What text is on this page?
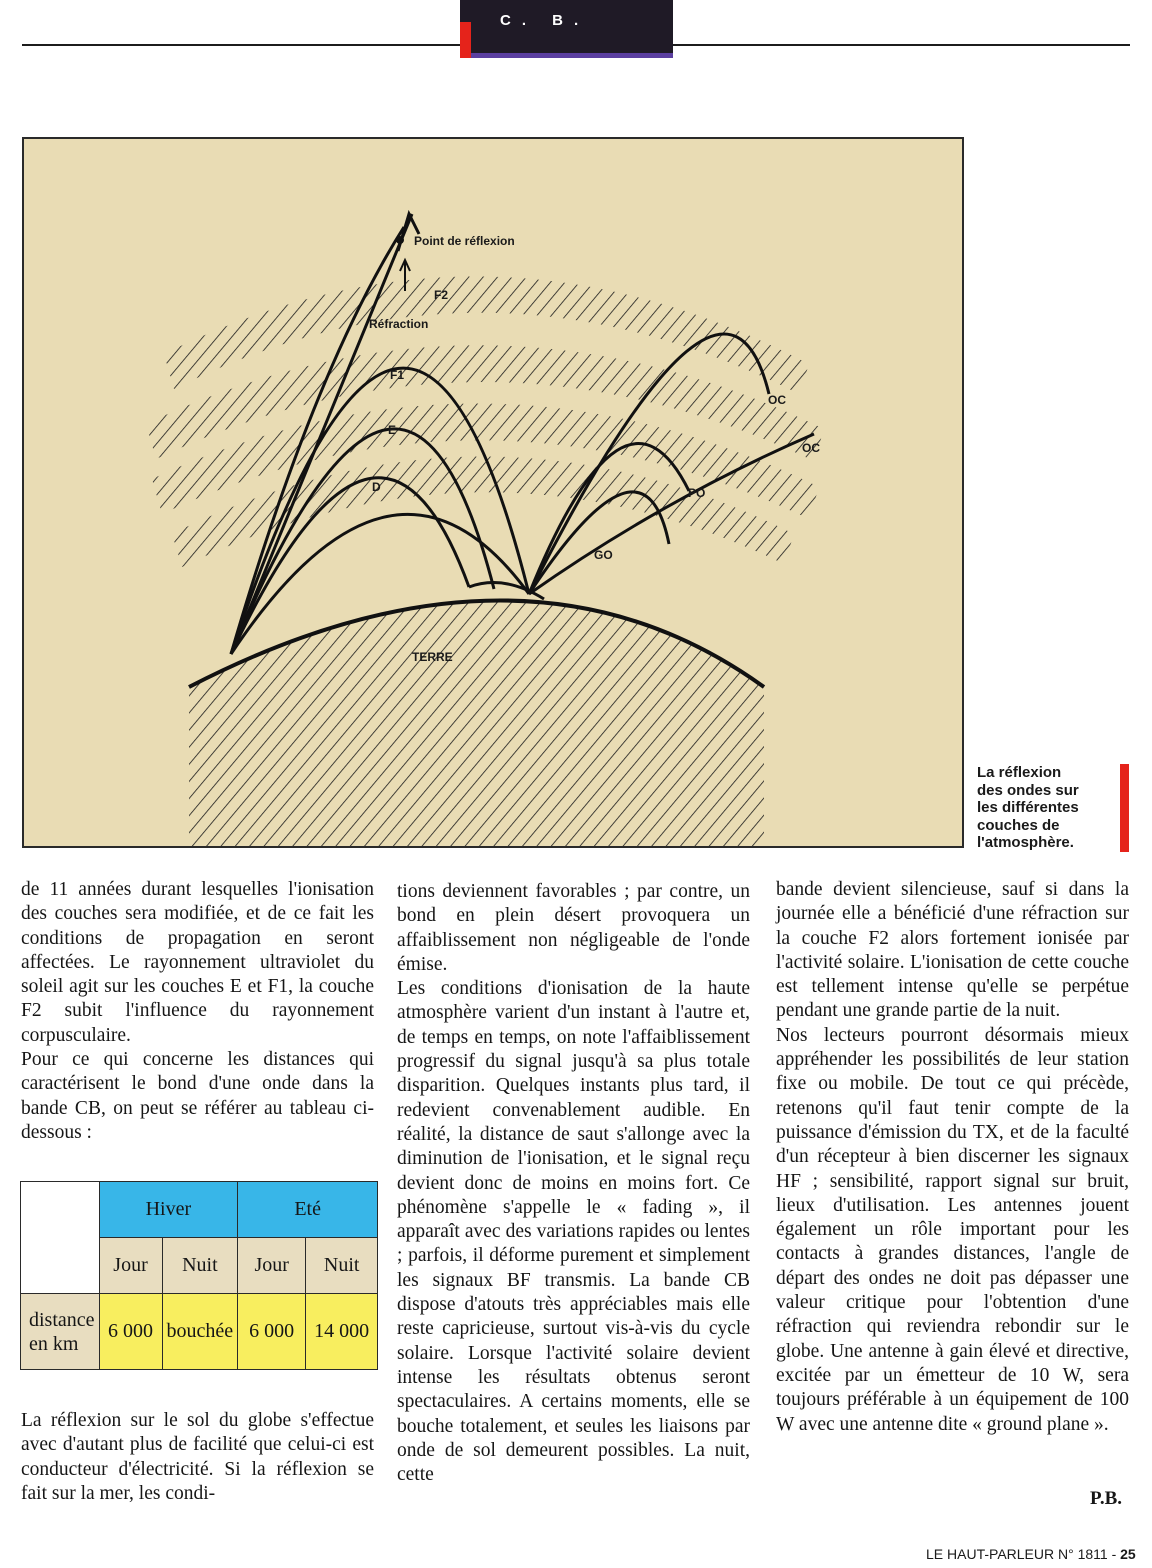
C. B.
Point de réflexion
Réfraction
F2
F1
E
D
OC
OC
PO
GO
TERRE
La réflexion
des ondes sur
les différentes
couches de
l'atmosphère.

de 11 années durant lesquelles l'ionisation des couches sera modifiée, et de ce fait les conditions de propagation en seront affectées. Le rayonnement ultraviolet du soleil agit sur les couches E et F1, la couche F2 subit l'influence du rayonnement corpusculaire.

Pour ce qui concerne les distances qui caractérisent le bond d'une onde dans la bande CB, on peut se référer au tableau ci-dessous :

	Hiver		Eté	
	Jour	Nuit	Jour	Nuit

distance
en km	6 000	bouchée	6 000	14 000

La réflexion sur le sol du globe s'effectue avec d'autant plus de facilité que celui-ci est conducteur d'électricité. Si la réflexion se fait sur la mer, les condi-

tions deviennent favorables ; par contre, un bond en plein désert provoquera un affaiblissement non négligeable de l'onde émise.

Les conditions d'ionisation de la haute atmosphère varient d'un instant à l'autre et, de temps en temps, on note l'affaiblissement progressif du signal jusqu'à sa plus totale disparition. Quelques instants plus tard, il redevient convenablement audible. En réalité, la distance de saut s'allonge avec la diminution de l'ionisation, et le signal reçu devient donc de moins en moins fort. Ce phénomène s'appelle le « fading », il apparaît avec des variations rapides ou lentes ; parfois, il déforme purement et simplement les signaux BF transmis. La bande CB dispose d'atouts très appréciables mais elle reste capricieuse, surtout vis-à-vis du cycle solaire. Lorsque l'activité solaire devient intense les résultats obtenus seront spectaculaires. A certains moments, elle se bouche totalement, et seules les liaisons par onde de sol demeurent possibles. La nuit, cette

bande devient silencieuse, sauf si dans la journée elle a bénéficié d'une réfraction sur la couche F2 alors fortement ionisée par l'activité solaire. L'ionisation de cette couche est tellement intense qu'elle se perpétue pendant une grande partie de la nuit.

Nos lecteurs pourront désormais mieux appréhender les possibilités de leur station fixe ou mobile. De tout ce qui précède, retenons qu'il faut tenir compte de la puissance d'émission du TX, et de la faculté d'un récepteur à bien discerner les signaux HF ; sensibilité, rapport signal sur bruit, lieux d'utilisation. Les antennes jouent également un rôle important pour les contacts à grandes distances, l'angle de départ des ondes ne doit pas dépasser une valeur critique pour l'obtention d'une réfraction qui reviendra rebondir sur le globe. Une antenne à gain élevé et directive, excitée par un émetteur de 10 W, sera toujours préférable à un équipement de 100 W avec une antenne dite « ground plane ».

P.B.
LE HAUT-PARLEUR N° 1811 - 25
